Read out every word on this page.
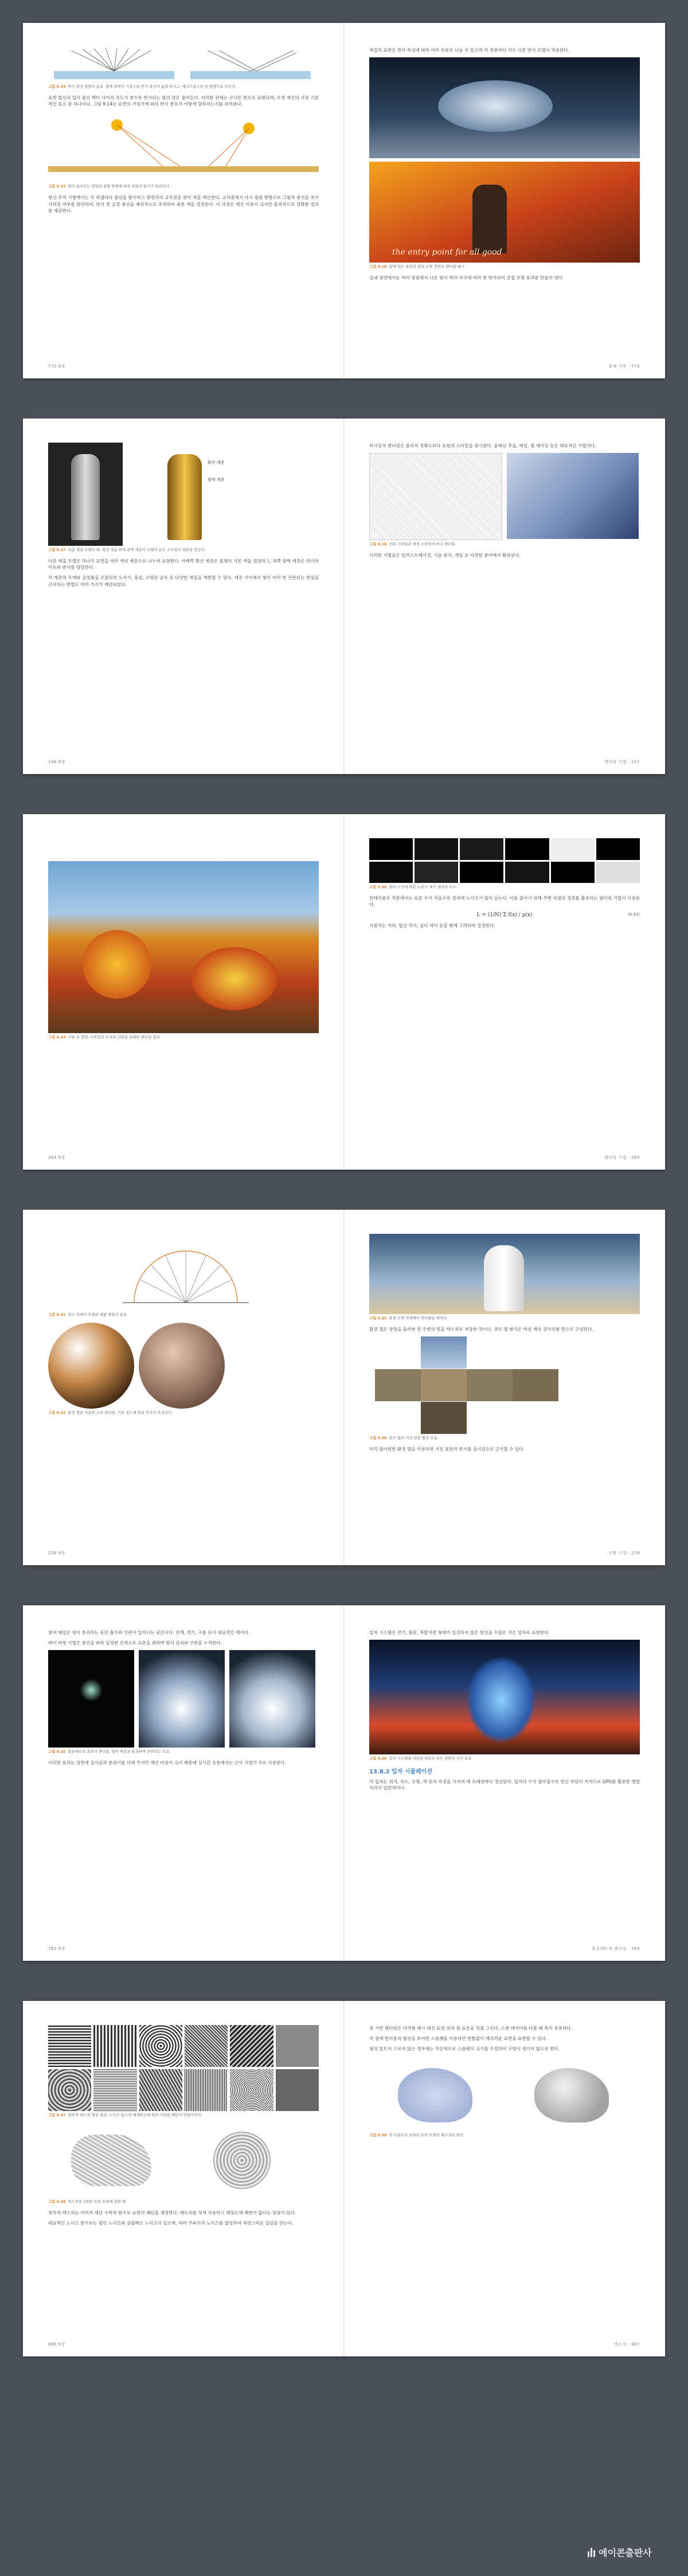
그림 9.14 반사 광선 방향의 분포. 물체 표면이 거칠수록 반사 광선이 넓게 퍼지고, 매끄러울수록 한 방향으로 모인다.

표면 법선과 입사 광선 벡터 사이의 각도가 클수록 반사되는 빛의 양은 줄어든다. 이러한 관계는 코사인 항으로 표현되며, 조명 계산의 가장 기본적인 요소 중 하나이다. 그림 9.14는 표면의 거칠기에 따라 반사 분포가 어떻게 달라지는지를 보여준다.

그림 9.15 빛이 들어오는 방향과 관찰 방향에 따라 표면의 밝기가 달라진다.

광선 추적 기법에서는 각 픽셀마다 광선을 발사하고 장면과의 교차점을 찾아 색을 계산한다. 교차점에서 다시 광원 방향으로 그림자 광선을 쏘아 가려짐 여부를 판단하며, 반사 및 굴절 광선을 재귀적으로 추적하여 최종 색을 결정한다. 이 과정은 계산 비용이 크지만 물리적으로 정확한 결과를 제공한다.

772 9장

재질의 표면은 반사 특성에 따라 여러 부류로 나눌 수 있으며 각 부류마다 서로 다른 반사 모델이 적용된다.

the entry point for all good

그림 9.16 광택 있는 표면과 실내 조명 장면의 렌더링 예시.

실내 장면에서는 여러 광원에서 나온 빛이 벽과 가구에 여러 번 반사되어 간접 조명 효과를 만들어 낸다.

물체 기반 · 773
확산 계층
광택 계층

그림 9.17 다층 재질 모델의 예. 확산 계층 위에 광택 계층이 더해져 금속 조각상의 외관을 만든다.

다층 재질 모델은 하나의 표면을 여러 개의 계층으로 나누어 표현한다. 아래쪽 확산 계층은 물체의 기본 색을 결정하고, 위쪽 광택 계층은 하이라이트와 반사를 담당한다.

각 계층의 두께와 굴절률을 조절하면 도자기, 옻칠, 코팅된 금속 등 다양한 재질을 재현할 수 있다. 계층 사이에서 빛이 여러 번 산란되는 현상을 근사하는 방법도 여러 가지가 제안되었다.

246 9장

비사실적 렌더링은 물리적 정확도보다 표현의 스타일을 중시한다. 윤곽선 추출, 해칭, 셀 셰이딩 등은 대표적인 기법이다.

그림 9.18 선화 스타일과 채색 스타일의 비교 렌더링.

이러한 기법들은 일러스트레이션, 기술 문서, 게임 등 다양한 분야에서 활용된다.

렌더링 기법 · 247

그림 9.19 가을 숲 장면. 나뭇잎의 투과와 산란을 표현한 렌더링 결과.

264 9장

그림 9.20 필터 크기에 따른 노이즈 제거 결과의 비교.

몬테카를로 적분에서는 표본 수가 적을수록 결과에 노이즈가 많이 남는다. 이를 줄이기 위해 주변 픽셀의 정보를 활용하는 필터링 기법이 사용된다.

L = (1/N) Σ f(x) / p(x)	(9.33)

가중치는 거리, 법선 차이, 깊이 차이 등을 함께 고려하여 결정한다.

렌더링 기법 · 265

그림 9.21 반구 위에서 추출한 샘플 방향의 분포.

그림 9.22 환경 맵을 이용한 구의 렌더링. 거친 정도에 따라 반사가 흐려진다.

278 9장

그림 9.23 환경 조명 아래에서 렌더링된 캐릭터.

환경 맵은 장면을 둘러싼 먼 주변의 빛을 텍스처로 저장한 것이다. 큐브 맵 형식은 여섯 개의 정사각형 면으로 구성된다.

그림 9.24 큐브 맵의 여섯 면을 펼친 모습.

미리 필터링한 환경 맵을 사용하면 거친 표면의 반사를 실시간으로 근사할 수 있다.

조명 기법 · 279

참여 매질은 빛이 통과하는 동안 흡수와 산란이 일어나는 공간이다. 안개, 연기, 구름 등이 대표적인 예이다.

레이 마칭 기법은 광선을 따라 일정한 간격으로 표본을 취하며 빛의 감쇠와 산란을 누적한다.

그림 9.25 볼류메트릭 효과의 렌더링. 빛이 매질을 통과하며 산란되는 모습.

이러한 효과는 장면에 깊이감과 분위기를 더해 주지만 계산 비용이 크기 때문에 실시간 응용에서는 근사 기법이 주로 사용된다.

762 9장

입자 시스템은 연기, 불꽃, 폭발처럼 형태가 일정하지 않은 현상을 수많은 작은 입자로 표현한다.

그림 9.26 입자 시스템을 이용한 대규모 전투 장면의 시각 효과.

13.8.2 입자 시뮬레이션

각 입자는 위치, 속도, 수명, 색 등의 속성을 가지며 매 프레임마다 갱신된다. 입자의 수가 많아질수록 연산 부담이 커지므로 GPU를 활용한 병렬 처리가 일반적이다.

볼류메트릭 렌더링 · 763

그림 9.27 절차적 텍스처 생성 결과. 노이즈 함수의 매개변수에 따라 다양한 패턴이 만들어진다.

그림 9.28 텍스처를 3차원 모델 표면에 입힌 예.

절차적 텍스처는 이미지 대신 수학적 함수로 표면의 패턴을 생성한다. 메모리를 적게 사용하고 해상도에 제한이 없다는 장점이 있다.

대표적인 노이즈 함수로는 펄린 노이즈와 심플렉스 노이즈가 있으며, 여러 주파수의 노이즈를 합성하여 자연스러운 질감을 얻는다.

886 9장

점 기반 렌더링은 다각형 메시 대신 표면 위의 점 표본을 직접 그린다. 스캔 데이터를 다룰 때 특히 유용하다.

각 점에 반지름과 법선을 부여한 스플랫을 이용하면 빈틈없이 매끄러운 표면을 표현할 수 있다.

점의 밀도가 고르지 않은 경우에는 적응적으로 스플랫의 크기를 조절하여 구멍이 생기지 않도록 한다.

그림 9.29 점 구름으로 표현된 토끼 모델과 재구성된 표면.

텍스처 · 887
에이콘출판사
